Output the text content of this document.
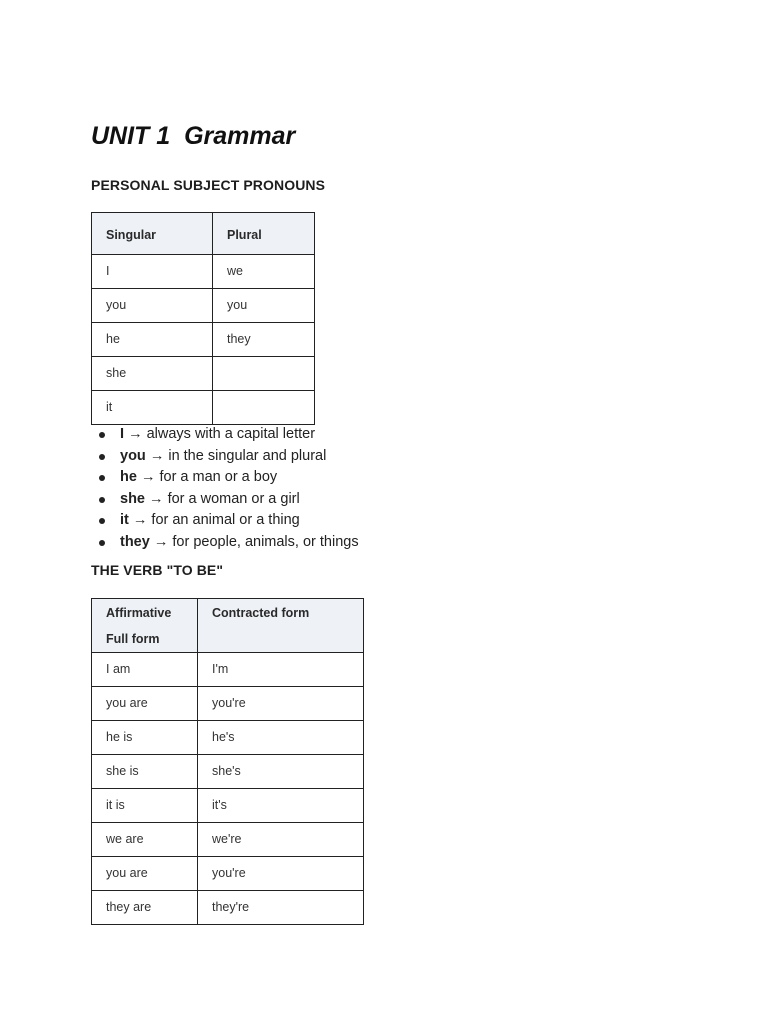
UNIT 1  Grammar
PERSONAL SUBJECT PRONOUNS
Singular	Plural
I	we
you	you
he	they
she	
it	
I → always with a capital letter
you → in the singular and plural
he → for a man or a boy
she → for a woman or a girl
it → for an animal or a thing
they → for people, animals, or things
THE VERB "TO BE"
Affirmative Full form	Contracted form
I am	I'm
you are	you're
he is	he's
she is	she's
it is	it's
we are	we're
you are	you're
they are	they're
